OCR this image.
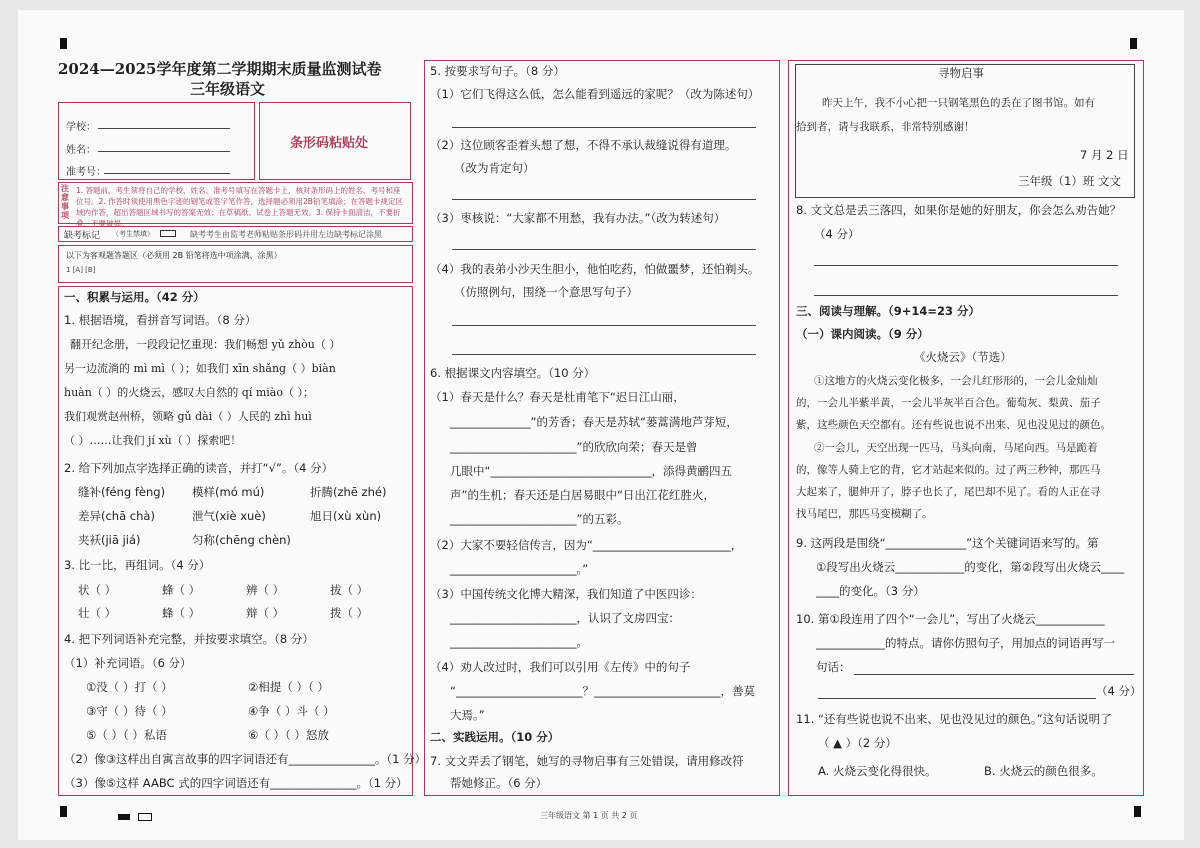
2024—2025学年度第二学期期末质量监测试卷
三年级语文
学校：
姓名：
准考号：
条形码粘贴处
注意事项
1. 答题前，考生须将自己的学校、姓名、准考号填写在答题卡上，核对条形码上的姓名、考号和座位号。2. 作答时须使用黑色字迹的钢笔或签字笔作答，选择题必须用2B铅笔填涂；在答题卡规定区域内作答，超出答题区域书写的答案无效；在草稿纸、试卷上答题无效。3. 保持卡面清洁，不要折叠、不要破损。
缺考标记 （考生禁填）	缺考考生由监考老师粘贴条形码并用左边缺考标记涂黑
以下为客观题答题区（必须用 2B 铅笔将选中项涂满、涂黑）
1 [A] [B]
一、积累与运用。（42 分）
1. 根据语境，看拼音写词语。（8 分）
翻开纪念册，一段段记忆重现：我们畅想 yǔ zhòu（ ）
另一边流淌的 mì mì（ ）；如我们 xīn shǎng（ ）biàn
huàn（ ）的火烧云，感叹大自然的 qí miào（ ）；
我们观赏赵州桥，领略 gǔ dài（ ）人民的 zhì huì
（ ）……让我们 jí xù（ ）探索吧！
2. 给下列加点字选择正确的读音，并打“√”。（4 分）
缝补(féng fèng) 模样(mó mú)	折腾(zhē zhé)
差异(chā chà)	泄气(xiè xuè)	旭日(xù xùn)
夹袄(jiā jiá)	匀称(chēng chèn)
3. 比一比，再组词。（4 分）
状（ ）	蜂（ ）	辨（ ）	拔（ ）
壮（ ）	蜂（ ）	辩（ ）	拨（ ）
4. 把下列词语补充完整，并按要求填空。（8 分）
（1）补充词语。（6 分）
①没（ ）打（ ）	②相提（ ）（ ）
③守（ ）待（ ）	④争（ ）斗（ ）
⑤（ ）（ ）私语	⑥（ ）（ ）怒放
（2）像③这样出自寓言故事的四字词语还有_______________。（1 分）
（3）像⑤这样 AABC 式的四字词语还有_______________。（1 分）
5. 按要求写句子。（8 分）
（1）它们飞得这么低，怎么能看到遥远的家呢？（改为陈述句）
（2）这位顾客歪着头想了想，不得不承认裁缝说得有道理。
（改为肯定句）
（3）枣核说：“大家都不用愁，我有办法。”（改为转述句）
（4）我的表弟小沙天生胆小，他怕吃药，怕做噩梦，还怕剃头。
（仿照例句，围绕一个意思写句子）
6. 根据课文内容填空。（10 分）
（1）春天是什么？春天是杜甫笔下“迟日江山丽，
______________”的芳香；春天是苏轼“蒌蒿满地芦芽短，
______________________”的欣欣向荣；春天是曾
几眼中“____________________________，添得黄鹂四五
声”的生机；春天还是白居易眼中“日出江花红胜火，
______________________”的五彩。
（2）大家不要轻信传言，因为“________________________，
______________________。”
（3）中国传统文化博大精深，我们知道了中医四诊：
______________________，认识了文房四宝：
______________________。
（4）劝人改过时，我们可以引用《左传》中的句子
“______________________？______________________，善莫
大焉。”
二、实践运用。（10 分）
7. 文文弄丢了钢笔，她写的寻物启事有三处错误，请用修改符
帮她修正。（6 分）
寻物启事
昨天上午，我不小心把一只钢笔黑色的丢在了图书馆。如有
拾到者，请与我联系，非常特别感谢！
7 月 2 日
三年级（1）班 文文
8. 文文总是丢三落四，如果你是她的好朋友，你会怎么劝告她？
（4 分）
三、阅读与理解。（9+14=23 分）
（一）课内阅读。（9 分）
《火烧云》（节选）
①这地方的火烧云变化极多，一会儿红形形的，一会儿金灿灿
的，一会儿半紫半黄，一会儿半灰半百合色。葡萄灰、梨黄、茄子
紫，这些颜色天空都有。还有些说也说不出来、见也没见过的颜色。
②一会儿，天空出现一匹马，马头向南，马尾向西。马是跪着
的，像等人骑上它的背，它才站起来似的。过了两三秒钟，那匹马
大起来了，腿伸开了，脖子也长了，尾巴却不见了。看的人正在寻
找马尾巴，那匹马变模糊了。
9. 这两段是围绕“______________”这个关键词语来写的。第
①段写出火烧云____________的变化，第②段写出火烧云____
____的变化。（3 分）
10. 第①段连用了四个“一会儿”，写出了火烧云____________
____________的特点。请你仿照句子，用加点的词语再写一
句话：
（4 分）
11. “还有些说也说不出来、见也没见过的颜色。”这句话说明了
（ ▲ ）（2 分）
A. 火烧云变化得很快。	B. 火烧云的颜色很多。
三年级语文 第 1 页 共 2 页
